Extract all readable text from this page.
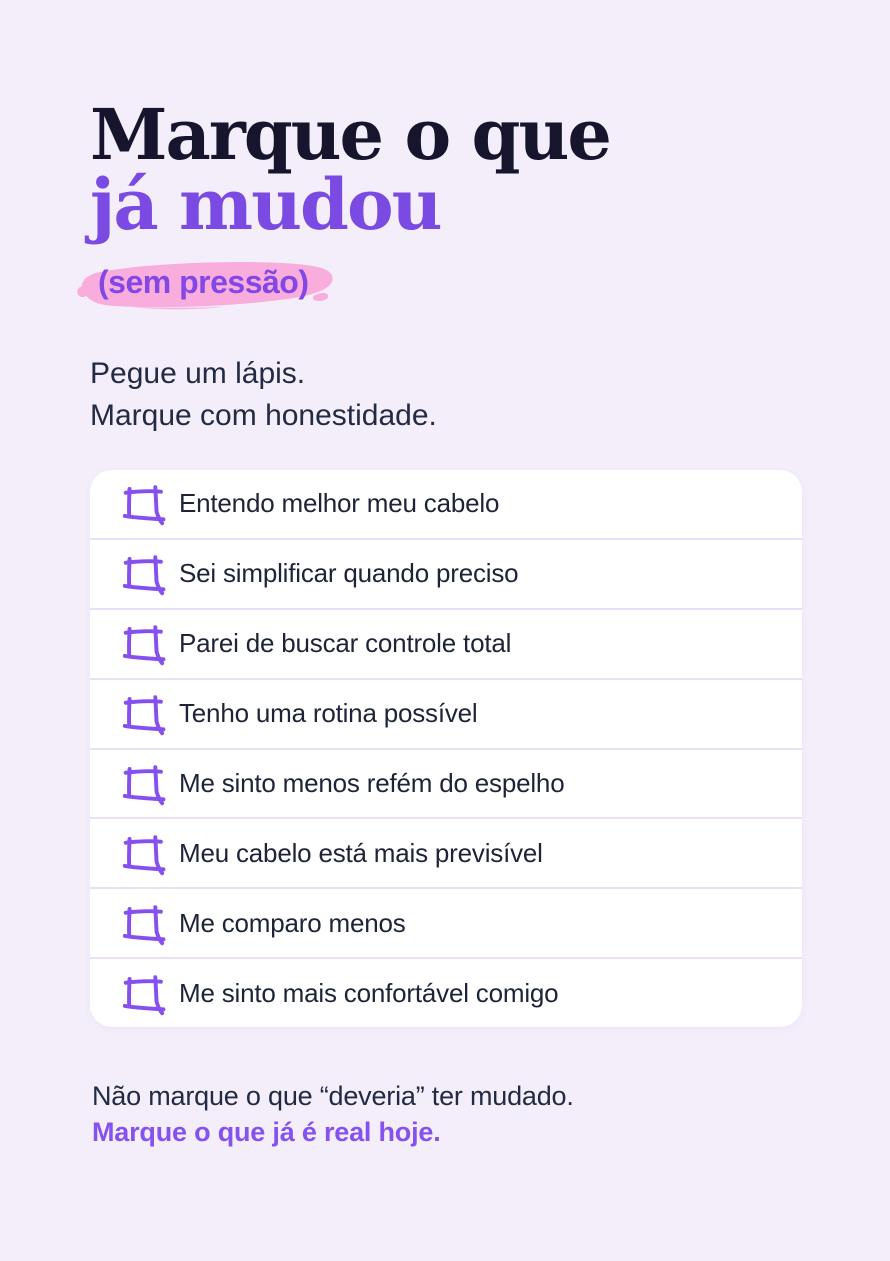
Marque o que
já mudou
(sem pressão)
Pegue um lápis.
Marque com honestidade.
Entendo melhor meu cabelo
Sei simplificar quando preciso
Parei de buscar controle total
Tenho uma rotina possível
Me sinto menos refém do espelho
Meu cabelo está mais previsível
Me comparo menos
Me sinto mais confortável comigo
Não marque o que “deveria” ter mudado.
Marque o que já é real hoje.
